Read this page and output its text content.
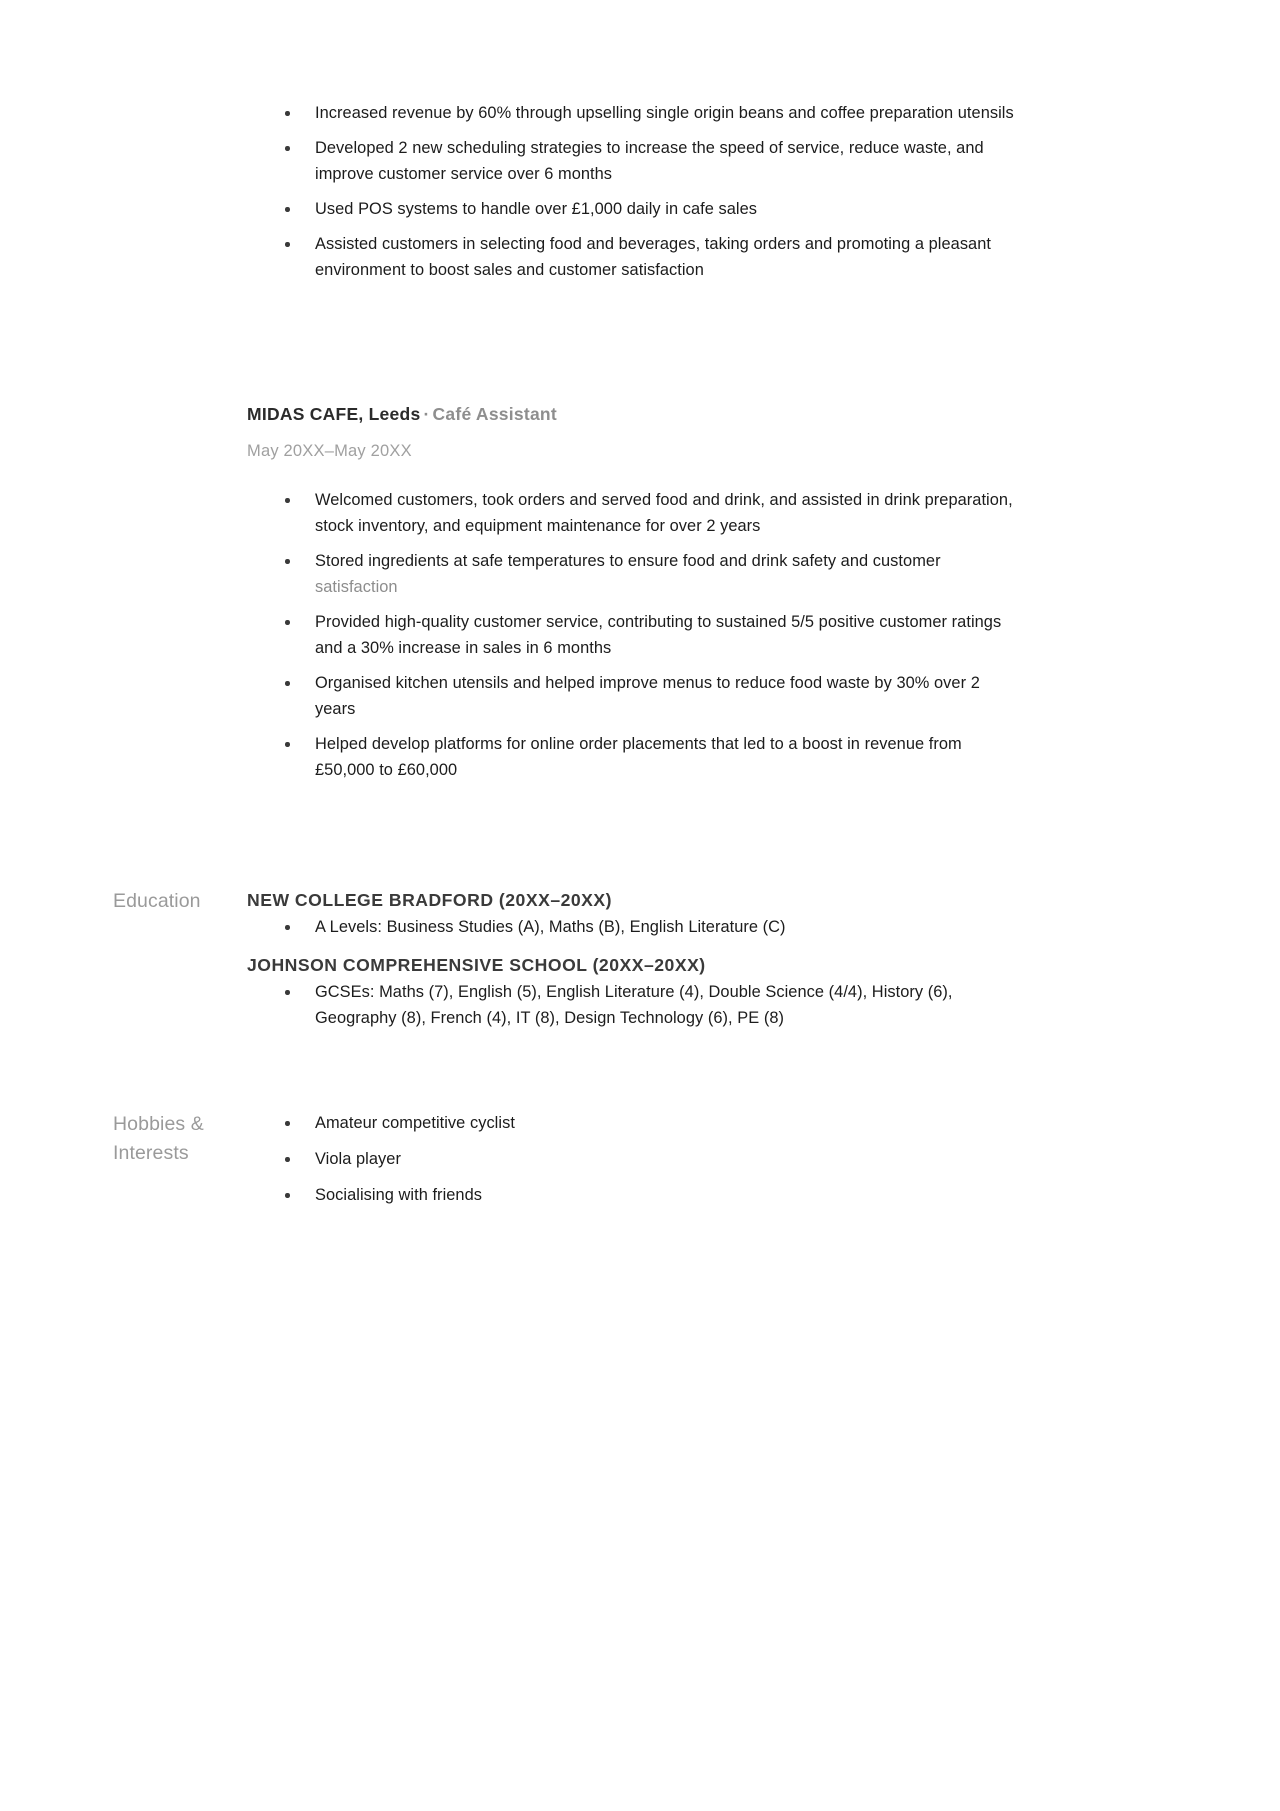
Increased revenue by 60% through upselling single origin beans and coffee preparation utensils
Developed 2 new scheduling strategies to increase the speed of service, reduce waste, and improve customer service over 6 months
Used POS systems to handle over £1,000 daily in cafe sales
Assisted customers in selecting food and beverages, taking orders and promoting a pleasant environment to boost sales and customer satisfaction
MIDAS CAFE, Leeds · Café Assistant
May 20XX–May 20XX
Welcomed customers, took orders and served food and drink, and assisted in drink preparation, stock inventory, and equipment maintenance for over 2 years
Stored ingredients at safe temperatures to ensure food and drink safety and customer satisfaction
Provided high-quality customer service, contributing to sustained 5/5 positive customer ratings and a 30% increase in sales in 6 months
Organised kitchen utensils and helped improve menus to reduce food waste by 30% over 2 years
Helped develop platforms for online order placements that led to a boost in revenue from £50,000 to £60,000
Education	NEW COLLEGE BRADFORD (20XX–20XX)
A Levels: Business Studies (A), Maths (B), English Literature (C)
JOHNSON COMPREHENSIVE SCHOOL (20XX–20XX)
GCSEs: Maths (7), English (5), English Literature (4), Double Science (4/4), History (6), Geography (8), French (4), IT (8), Design Technology (6), PE (8)
Hobbies & Interests
Amateur competitive cyclist
Viola player
Socialising with friends
